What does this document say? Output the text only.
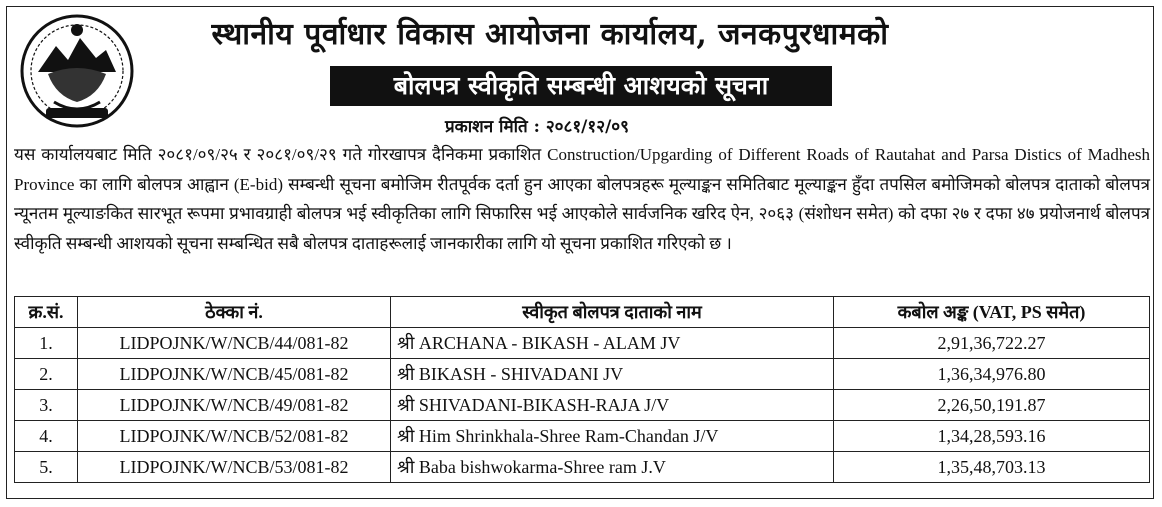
स्थानीय पूर्वाधार विकास आयोजना कार्यालय, जनकपुरधामको
बोलपत्र स्वीकृति सम्बन्धी आशयको सूचना
प्रकाशन मिति : २०८१/१२/०९
यस कार्यालयबाट मिति २०८१/०९/२५ र २०८१/०९/२९ गते गोरखापत्र दैनिकमा प्रकाशित Construction/Upgarding of Different Roads of Rautahat and Parsa Distics of Madhesh Province का लागि बोलपत्र आह्वान (E-bid) सम्बन्धी सूचना बमोजिम रीतपूर्वक दर्ता हुन आएका बोलपत्रहरू मूल्याङ्कन समितिबाट मूल्याङ्कन हुँदा तपसिल बमोजिमको बोलपत्र दाताको बोलपत्र न्यूनतम मूल्याङकित सारभूत रूपमा प्रभावग्राही बोलपत्र भई स्वीकृतिका लागि सिफारिस भई आएकोले सार्वजनिक खरिद ऐन, २०६३ (संशोधन समेत) को दफा २७ र दफा ४७ प्रयोजनार्थ बोलपत्र स्वीकृति सम्बन्धी आशयको सूचना सम्बन्धित सबै बोलपत्र दाताहरूलाई जानकारीका लागि यो सूचना प्रकाशित गरिएको छ ।
क्र.सं.	ठेक्का नं.	स्वीकृत बोलपत्र दाताको नाम	कबोल अङ्क (VAT, PS समेत)
1.	LIDPOJNK/W/NCB/44/081-82	श्री ARCHANA - BIKASH - ALAM JV	2,91,36,722.27
2.	LIDPOJNK/W/NCB/45/081-82	श्री BIKASH - SHIVADANI JV	1,36,34,976.80
3.	LIDPOJNK/W/NCB/49/081-82	श्री SHIVADANI-BIKASH-RAJA J/V	2,26,50,191.87
4.	LIDPOJNK/W/NCB/52/081-82	श्री Him Shrinkhala-Shree Ram-Chandan J/V	1,34,28,593.16
5.	LIDPOJNK/W/NCB/53/081-82	श्री Baba bishwokarma-Shree ram J.V	1,35,48,703.13
